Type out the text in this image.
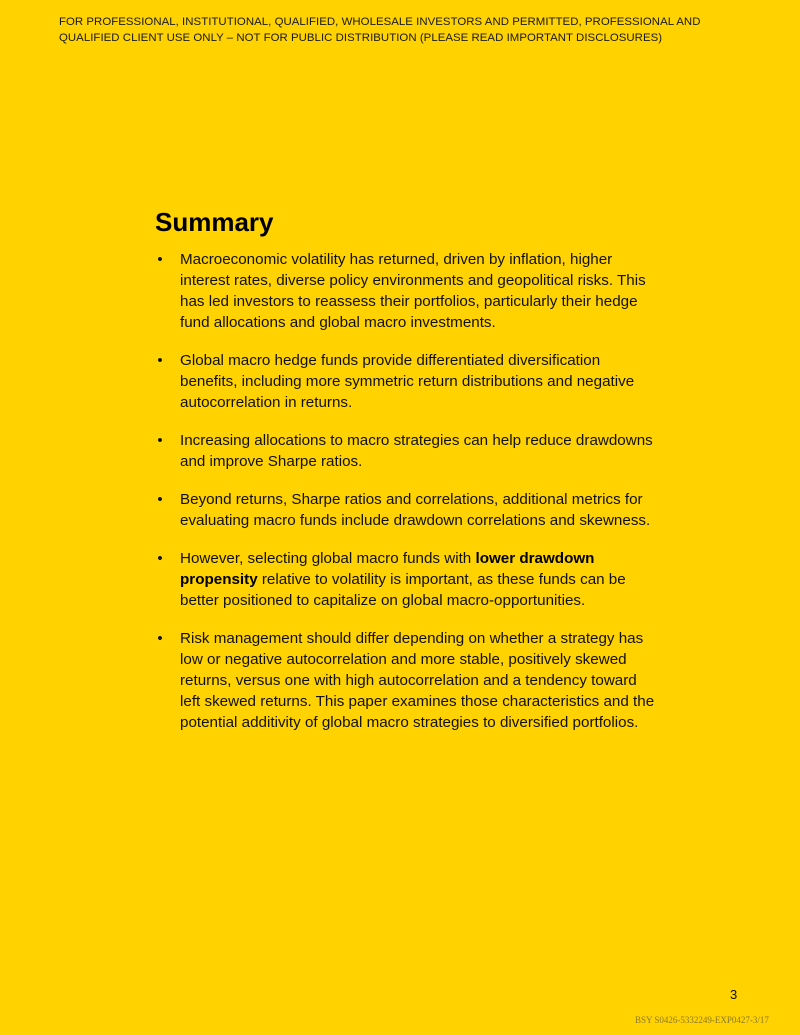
FOR PROFESSIONAL, INSTITUTIONAL, QUALIFIED, WHOLESALE INVESTORS AND PERMITTED, PROFESSIONAL AND QUALIFIED CLIENT USE ONLY – NOT FOR PUBLIC DISTRIBUTION (PLEASE READ IMPORTANT DISCLOSURES)
Summary
• Macroeconomic volatility has returned, driven by inflation, higher interest rates, diverse policy environments and geopolitical risks. This has led investors to reassess their portfolios, particularly their hedge fund allocations and global macro investments.
• Global macro hedge funds provide differentiated diversification benefits, including more symmetric return distributions and negative autocorrelation in returns.
• Increasing allocations to macro strategies can help reduce drawdowns and improve Sharpe ratios.
• Beyond returns, Sharpe ratios and correlations, additional metrics for evaluating macro funds include drawdown correlations and skewness.
• However, selecting global macro funds with lower drawdown propensity relative to volatility is important, as these funds can be better positioned to capitalize on global macro-opportunities.
• Risk management should differ depending on whether a strategy has low or negative autocorrelation and more stable, positively skewed returns, versus one with high autocorrelation and a tendency toward left skewed returns. This paper examines those characteristics and the potential additivity of global macro strategies to diversified portfolios.
3
BSY S0426-5332249-EXP0427-3/17
